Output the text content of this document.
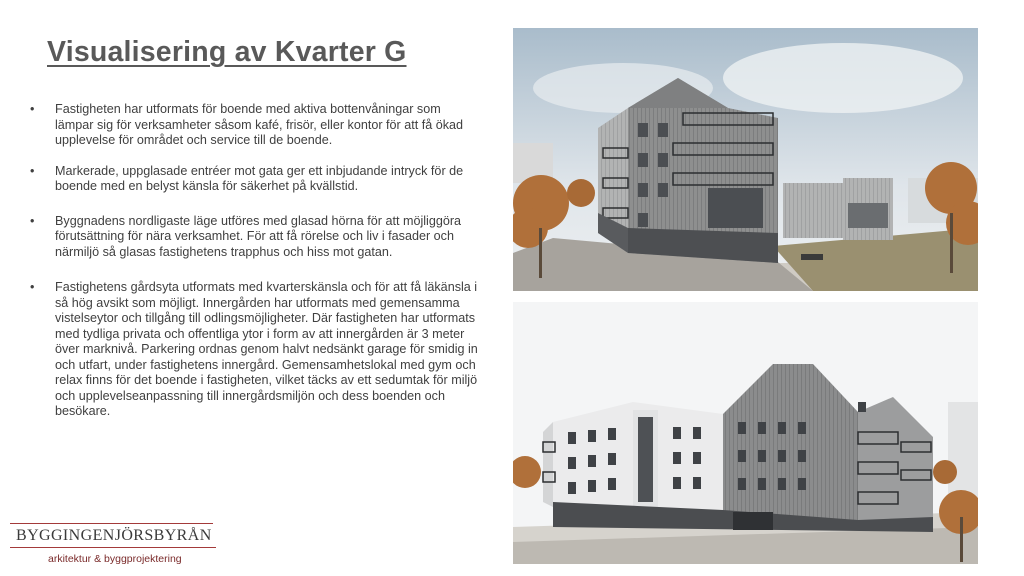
Visualisering av Kvarter G
• Fastigheten har utformats för boende med aktiva bottenvåningar som lämpar sig för verksamheter såsom kafé, frisör, eller kontor för att få ökad upplevelse för området och service till de boende.
• Markerade, uppglasade entréer mot gata ger ett inbjudande intryck för de boende med en belyst känsla för säkerhet på kvällstid.
• Byggnadens nordligaste läge utföres med glasad hörna för att möjliggöra förutsättning för nära verksamhet. För att få rörelse och liv i fasader och närmiljö så glasas fastighetens trapphus och hiss mot gatan.
• Fastighetens gårdsyta utformats med kvarterskänsla och för att få läkänsla i så hög avsikt som möjligt. Innergården har utformats med gemensamma vistelseytor och tillgång till odlingsmöjligheter. Där fastigheten har utformats med tydliga privata och offentliga ytor i form av att innergården är 3 meter över marknivå. Parkering ordnas genom halvt nedsänkt garage för smidig in och utfart, under fastighetens innergård. Gemensamhetslokal med gym och relax finns för det boende i fastigheten, vilket täcks av ett sedumtak för miljö och upplevelseanpassning till innergårdsmiljön och dess boenden och besökare.
BYGGINGENJÖRSBYRÅN
arkitektur & byggprojektering
